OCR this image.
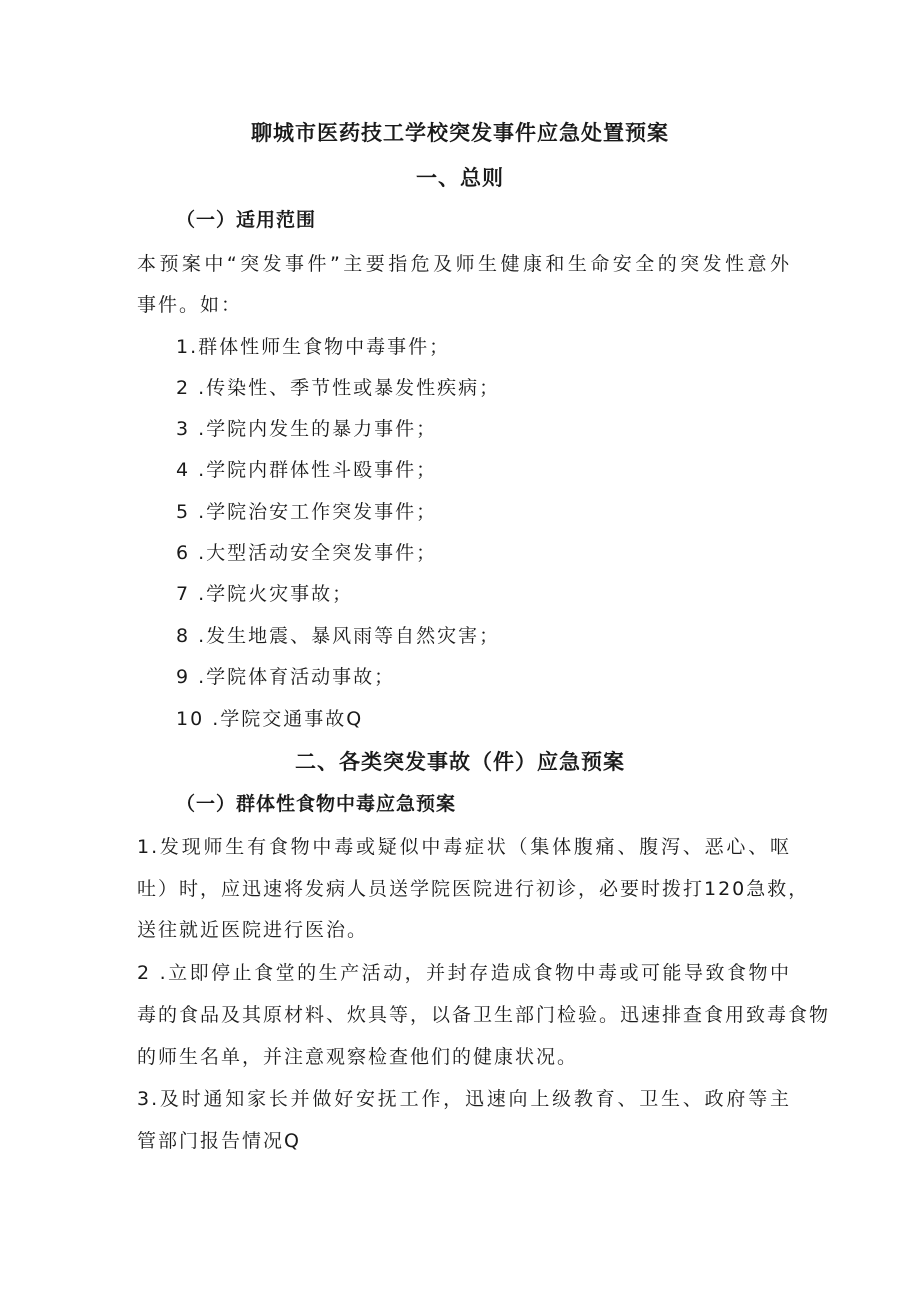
聊城市医药技工学校突发事件应急处置预案
一、总则
（一）适用范围
本预案中“突发事件”主要指危及师生健康和生命安全的突发性意外
事件。如：
1.群体性师生食物中毒事件；
2 .传染性、季节性或暴发性疾病；
3 .学院内发生的暴力事件；
4 .学院内群体性斗殴事件；
5 .学院治安工作突发事件；
6 .大型活动安全突发事件；
7 .学院火灾事故；
8 .发生地震、暴风雨等自然灾害；
9 .学院体育活动事故；
10 .学院交通事故Q
二、各类突发事故（件）应急预案
（一）群体性食物中毒应急预案
1.发现师生有食物中毒或疑似中毒症状（集体腹痛、腹泻、恶心、呕
吐）时，应迅速将发病人员送学院医院进行初诊，必要时拨打120急救，
送往就近医院进行医治。
2 .立即停止食堂的生产活动，并封存造成食物中毒或可能导致食物中
毒的食品及其原材料、炊具等，以备卫生部门检验。迅速排查食用致毒食物
的师生名单，并注意观察检查他们的健康状况。
3.及时通知家长并做好安抚工作，迅速向上级教育、卫生、政府等主
管部门报告情况Q
